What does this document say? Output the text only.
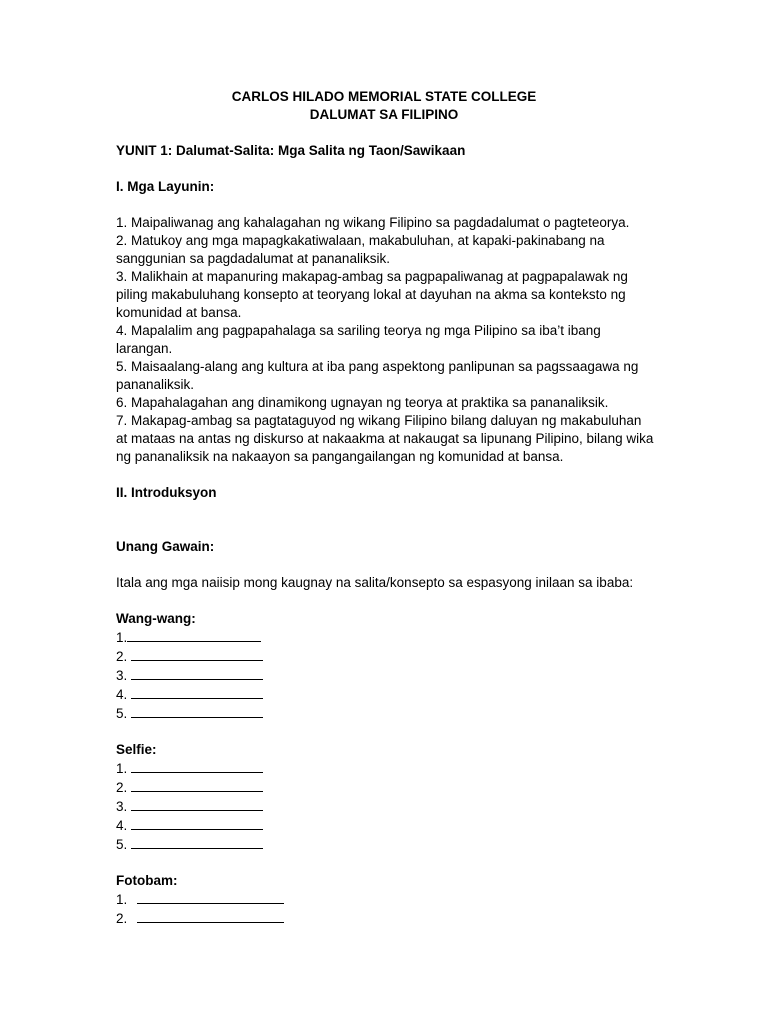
CARLOS HILADO MEMORIAL STATE COLLEGE
DALUMAT SA FILIPINO
YUNIT 1: Dalumat-Salita: Mga Salita ng Taon/Sawikaan
I. Mga Layunin:

1. Maipaliwanag ang kahalagahan ng wikang Filipino sa pagdadalumat o pagteteorya.

2. Matukoy ang mga mapagkakatiwalaan, makabuluhan, at kapaki-pakinabang na sanggunian sa pagdadalumat at pananaliksik.

3. Malikhain at mapanuring makapag-ambag sa pagpapaliwanag at pagpapalawak ng piling makabuluhang konsepto at teoryang lokal at dayuhan na akma sa konteksto ng komunidad at bansa.

4. Mapalalim ang pagpapahalaga sa sariling teorya ng mga Pilipino sa iba’t ibang larangan.

5. Maisaalang-alang ang kultura at iba pang aspektong panlipunan sa pagssaagawa ng pananaliksik.

6. Mapahalagahan ang dinamikong ugnayan ng teorya at praktika sa pananaliksik.

7. Makapag-ambag sa pagtataguyod ng wikang Filipino bilang daluyan ng makabuluhan at mataas na antas ng diskurso at nakaakma at nakaugat sa lipunang Pilipino, bilang wika ng pananaliksik na nakaayon sa pangangailangan ng komunidad at bansa.

II. Introduksyon
Unang Gawain:
Itala ang mga naiisip mong kaugnay na salita/konsepto sa espasyong inilaan sa ibaba:
Wang-wang:
1.
2.
3.
4.
5.
Selfie:
1.
2.
3.
4.
5.
Fotobam:
1.
2.
